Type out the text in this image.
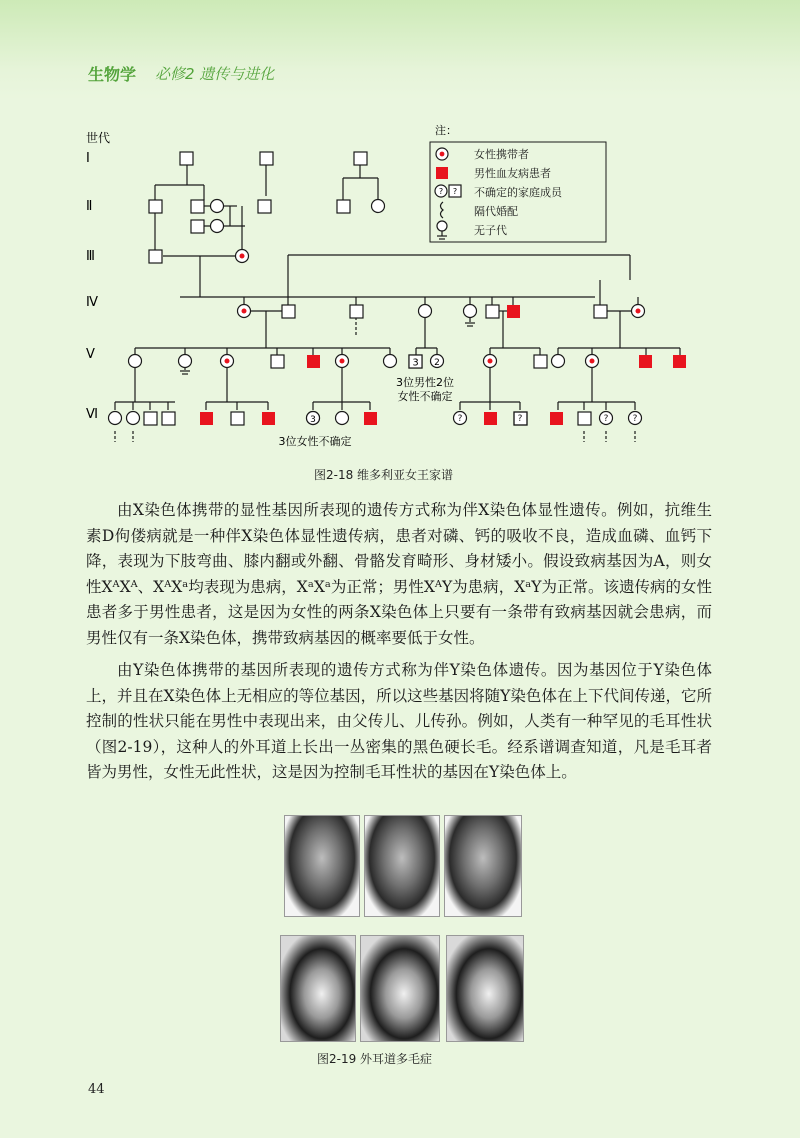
生物学 必修2 遗传与进化
?	?	?	?
3 2
3
世代
Ⅰ
Ⅱ
Ⅲ
Ⅳ
Ⅴ
Ⅵ
3位男性2位
女性不确定
3位女性不确定
注：
? ?
女性携带者
男性血友病患者
不确定的家庭成员
隔代婚配
无子代
图2-18 维多利亚女王家谱

由X染色体携带的显性基因所表现的遗传方式称为伴X染色体显性遗传。例如，抗维生素D佝偻病就是一种伴X染色体显性遗传病，患者对磷、钙的吸收不良，造成血磷、血钙下降，表现为下肢弯曲、膝内翻或外翻、骨骼发育畸形、身材矮小。假设致病基因为A，则女性XᴬXᴬ、XᴬXᵃ均表现为患病，XᵃXᵃ为正常；男性XᴬY为患病，XᵃY为正常。该遗传病的女性患者多于男性患者，这是因为女性的两条X染色体上只要有一条带有致病基因就会患病，而男性仅有一条X染色体，携带致病基因的概率要低于女性。

由Y染色体携带的基因所表现的遗传方式称为伴Y染色体遗传。因为基因位于Y染色体上，并且在X染色体上无相应的等位基因，所以这些基因将随Y染色体在上下代间传递，它所控制的性状只能在男性中表现出来，由父传儿、儿传孙。例如，人类有一种罕见的毛耳性状（图2-19），这种人的外耳道上长出一丛密集的黑色硬长毛。经系谱调查知道，凡是毛耳者皆为男性，女性无此性状，这是因为控制毛耳性状的基因在Y染色体上。

图2-19 外耳道多毛症
44
